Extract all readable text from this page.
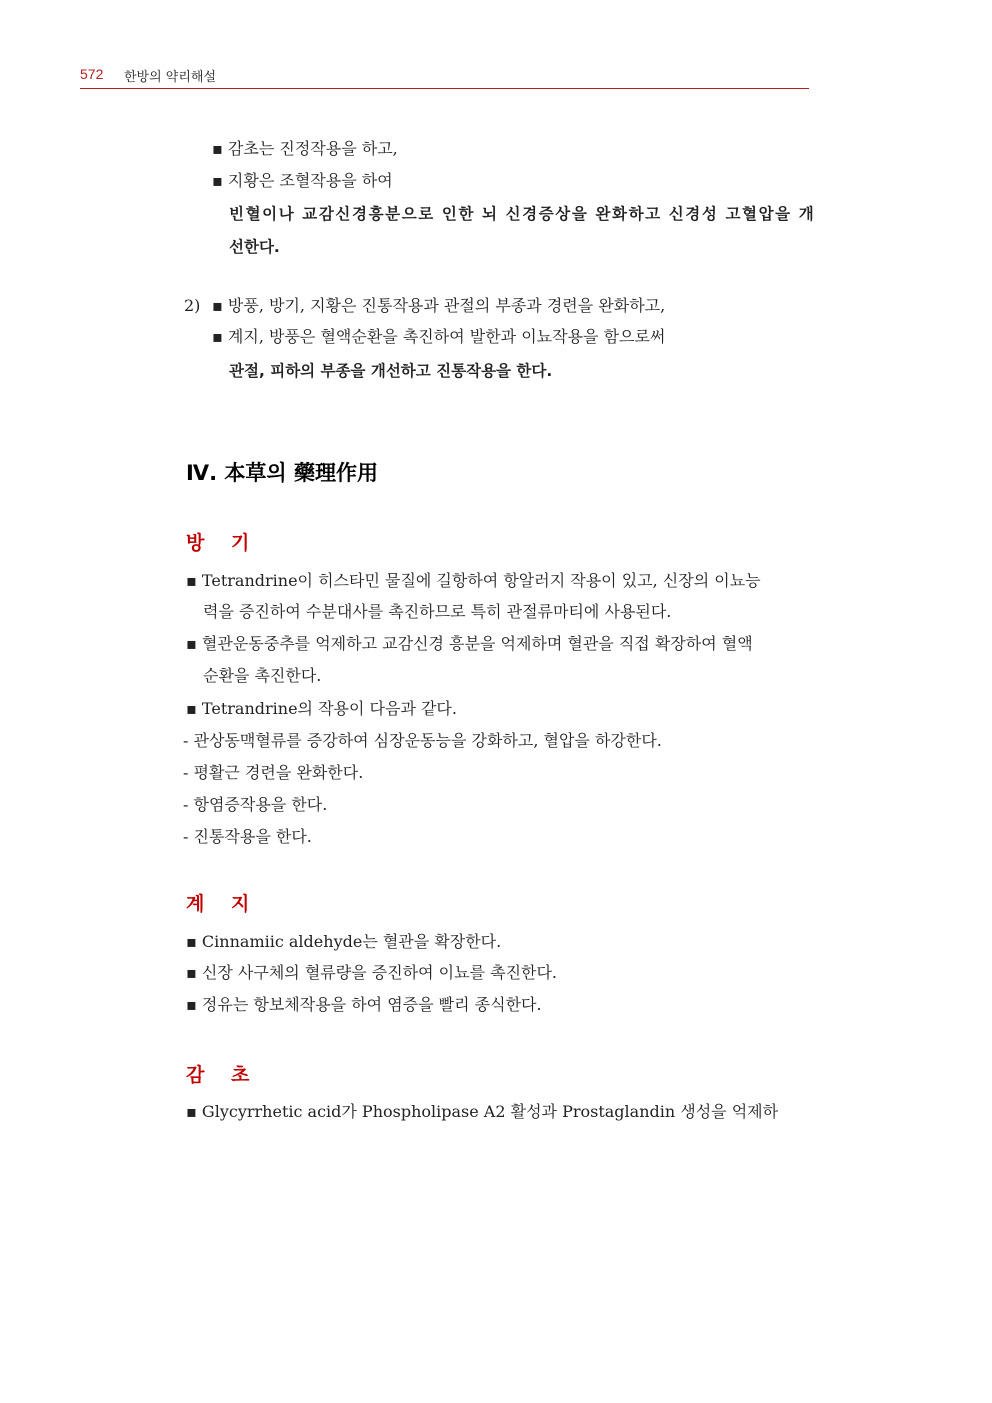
572 한방의 약리해설
▪ 감초는 진정작용을 하고,
▪ 지황은 조혈작용을 하여
빈혈이나 교감신경흥분으로 인한 뇌 신경증상을 완화하고 신경성 고혈압을 개
선한다.
2) ▪ 방풍, 방기, 지황은 진통작용과 관절의 부종과 경련을 완화하고,
▪ 계지, 방풍은 혈액순환을 촉진하여 발한과 이뇨작용을 함으로써
관절, 피하의 부종을 개선하고 진통작용을 한다.
Ⅳ. 本草의 藥理作用
방 기
▪ Tetrandrine이 히스타민 물질에 길항하여 항알러지 작용이 있고, 신장의 이뇨능
력을 증진하여 수분대사를 촉진하므로 특히 관절류마티에 사용된다.
▪ 혈관운동중추를 억제하고 교감신경 흥분을 억제하며 혈관을 직접 확장하여 혈액
순환을 촉진한다.
▪ Tetrandrine의 작용이 다음과 같다.
- 관상동맥혈류를 증강하여 심장운동능을 강화하고, 혈압을 하강한다.
- 평활근 경련을 완화한다.
- 항염증작용을 한다.
- 진통작용을 한다.
계 지
▪ Cinnamiic aldehyde는 혈관을 확장한다.
▪ 신장 사구체의 혈류량을 증진하여 이뇨를 촉진한다.
▪ 정유는 항보체작용을 하여 염증을 빨리 종식한다.
감 초
▪ Glycyrrhetic acid가 Phospholipase A2 활성과 Prostaglandin 생성을 억제하
